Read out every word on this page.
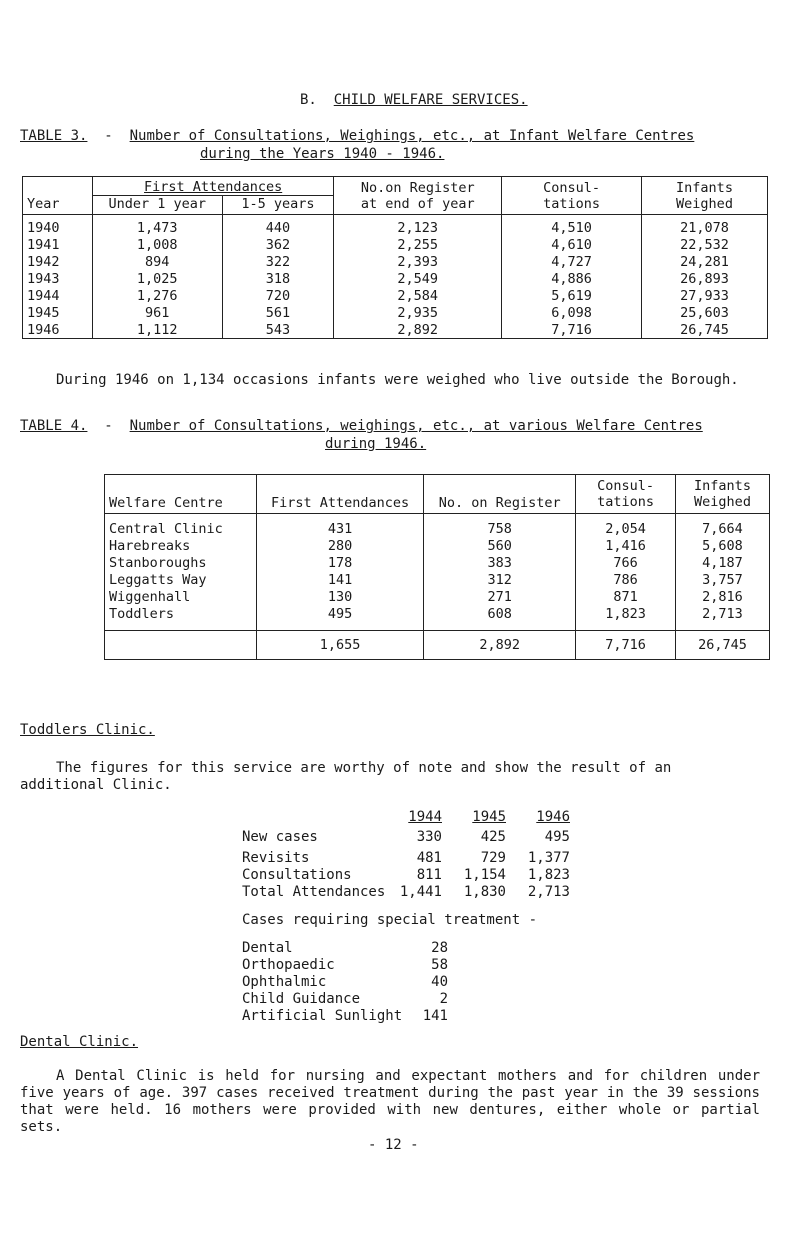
B. CHILD WELFARE SERVICES.
TABLE 3. - Number of Consultations, Weighings, etc., at Infant Welfare Centres
during the Years 1940 - 1946.
Year	First Attendances		No.on Register at end of year	Consul- tations	Infants Weighed
	Under 1 year	1-5 years			
1940	1,473	440	2,123	4,510	21,078
1941	1,008	362	2,255	4,610	22,532
1942	894	322	2,393	4,727	24,281
1943	1,025	318	2,549	4,886	26,893
1944	1,276	720	2,584	5,619	27,933
1945	961	561	2,935	6,098	25,603
1946	1,112	543	2,892	7,716	26,745
During 1946 on 1,134 occasions infants were weighed who live outside the Borough.
TABLE 4. - Number of Consultations, weighings, etc., at various Welfare Centres
during 1946.
Welfare Centre	First Attendances	No. on Register	Consul- tations	Infants Weighed
Central Clinic	431	758	2,054	7,664
Harebreaks	280	560	1,416	5,608
Stanboroughs	178	383	766	4,187
Leggatts Way	141	312	786	3,757
Wiggenhall	130	271	871	2,816
Toddlers	495	608	1,823	2,713
	1,655	2,892	7,716	26,745
Toddlers Clinic.
The figures for this service are worthy of note and show the result of an additional Clinic.
	1944	1945	1946
New cases	330	425	495
Revisits	481	729	1,377
Consultations	811	1,154	1,823
Total Attendances	1,441	1,830	2,713
Cases requiring special treatment -
Dental	28
Orthopaedic	58
Ophthalmic	40
Child Guidance	2
Artificial Sunlight	141
Dental Clinic.
A Dental Clinic is held for nursing and expectant mothers and for children under five years of age. 397 cases received treatment during the past year in the 39 sessions that were held. 16 mothers were provided with new dentures, either whole or partial sets.
- 12 -
